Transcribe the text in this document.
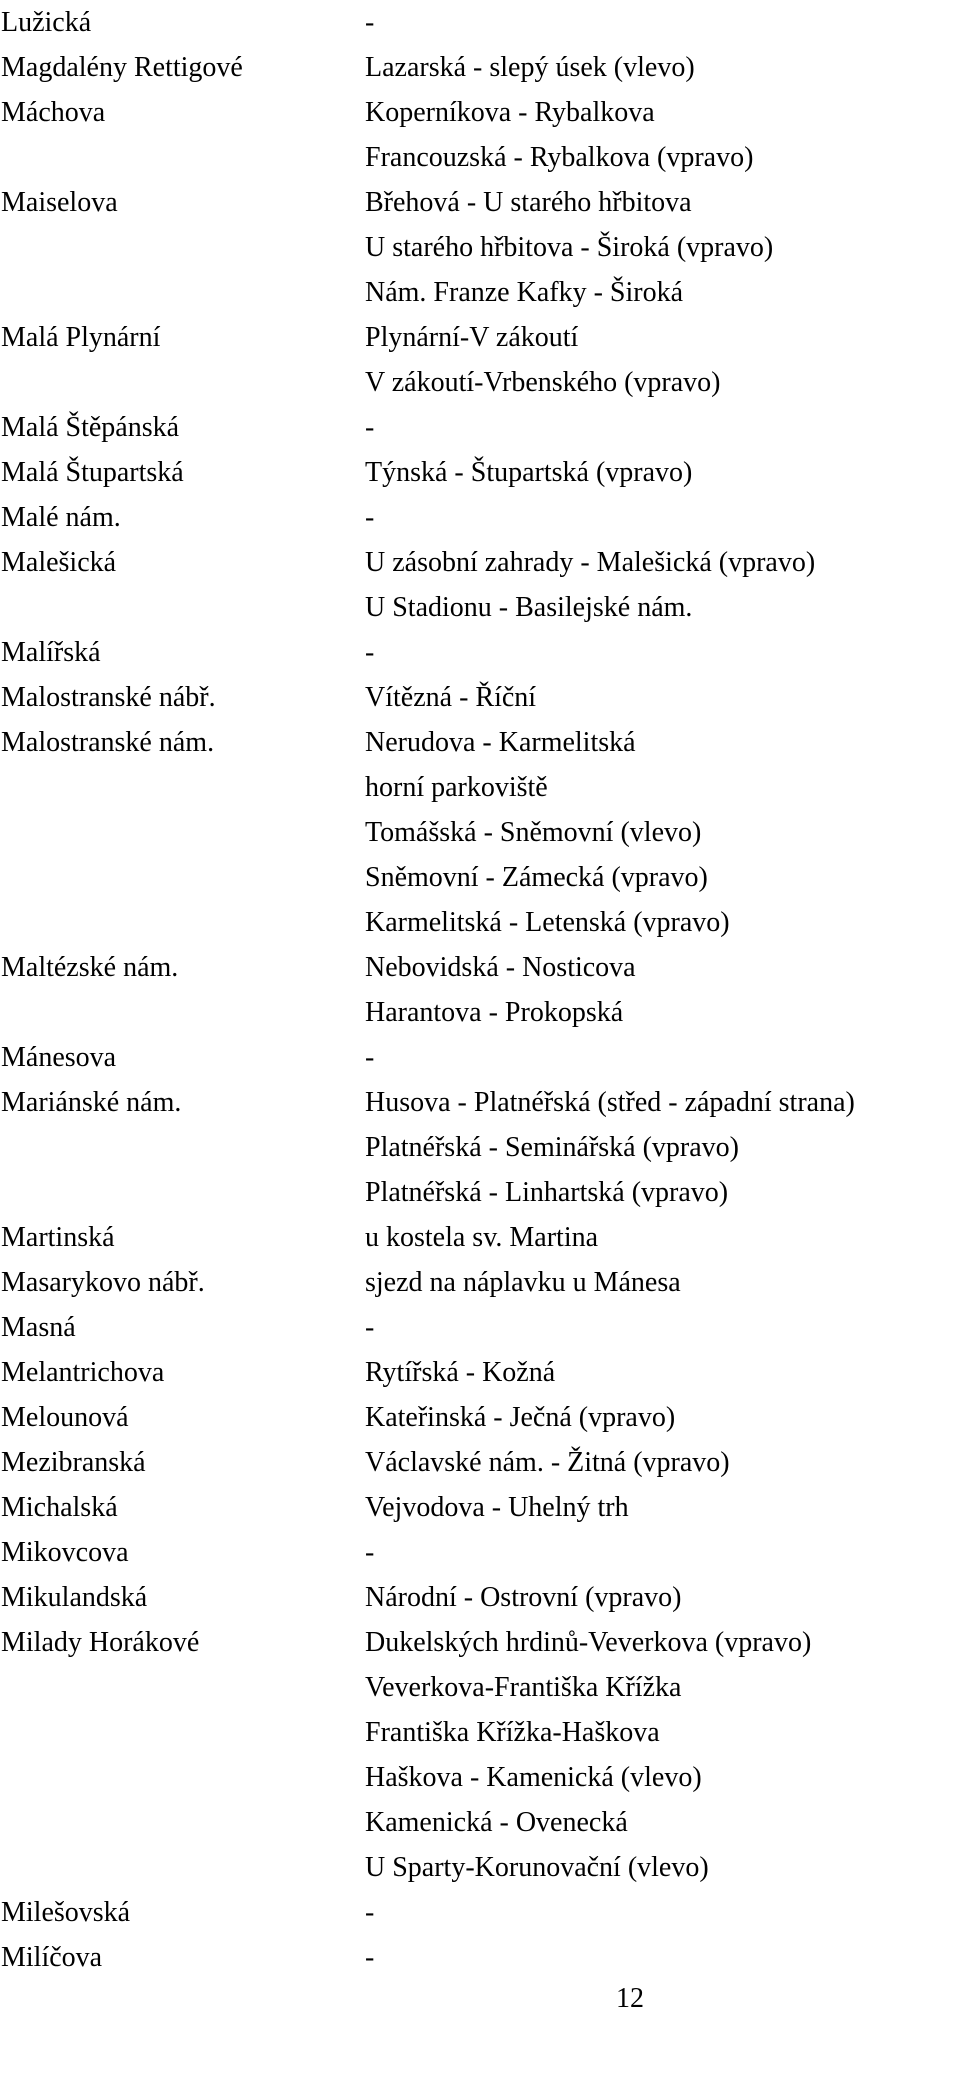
Lužická	-
Magdalény Rettigové	Lazarská - slepý úsek (vlevo)
Máchova	Koperníkova - Rybalkova
Francouzská - Rybalkova (vpravo)
Maiselova	Břehová - U starého hřbitova
U starého hřbitova - Široká (vpravo)
Nám. Franze Kafky - Široká
Malá Plynární	Plynární-V zákoutí
V zákoutí-Vrbenského (vpravo)
Malá Štěpánská	-
Malá Štupartská	Týnská - Štupartská (vpravo)
Malé nám.	-
Malešická	U zásobní zahrady - Malešická (vpravo)
U Stadionu - Basilejské nám.
Malířská	-
Malostranské nábř.	Vítězná - Říční
Malostranské nám.	Nerudova - Karmelitská
horní parkoviště
Tomášská - Sněmovní (vlevo)
Sněmovní - Zámecká (vpravo)
Karmelitská - Letenská (vpravo)
Maltézské nám.	Nebovidská - Nosticova
Harantova - Prokopská
Mánesova	-
Mariánské nám.	Husova - Platnéřská (střed - západní strana)
Platnéřská - Seminářská (vpravo)
Platnéřská - Linhartská (vpravo)
Martinská	u kostela sv. Martina
Masarykovo nábř.	sjezd na náplavku u Mánesa
Masná	-
Melantrichova	Rytířská - Kožná
Melounová	Kateřinská - Ječná (vpravo)
Mezibranská	Václavské nám. - Žitná (vpravo)
Michalská	Vejvodova - Uhelný trh
Mikovcova	-
Mikulandská	Národní - Ostrovní (vpravo)
Milady Horákové	Dukelských hrdinů-Veverkova (vpravo)
Veverkova-Františka Křížka
Františka Křížka-Haškova
Haškova - Kamenická (vlevo)
Kamenická - Ovenecká
U Sparty-Korunovační (vlevo)
Milešovská	-
Milíčova	-
12
